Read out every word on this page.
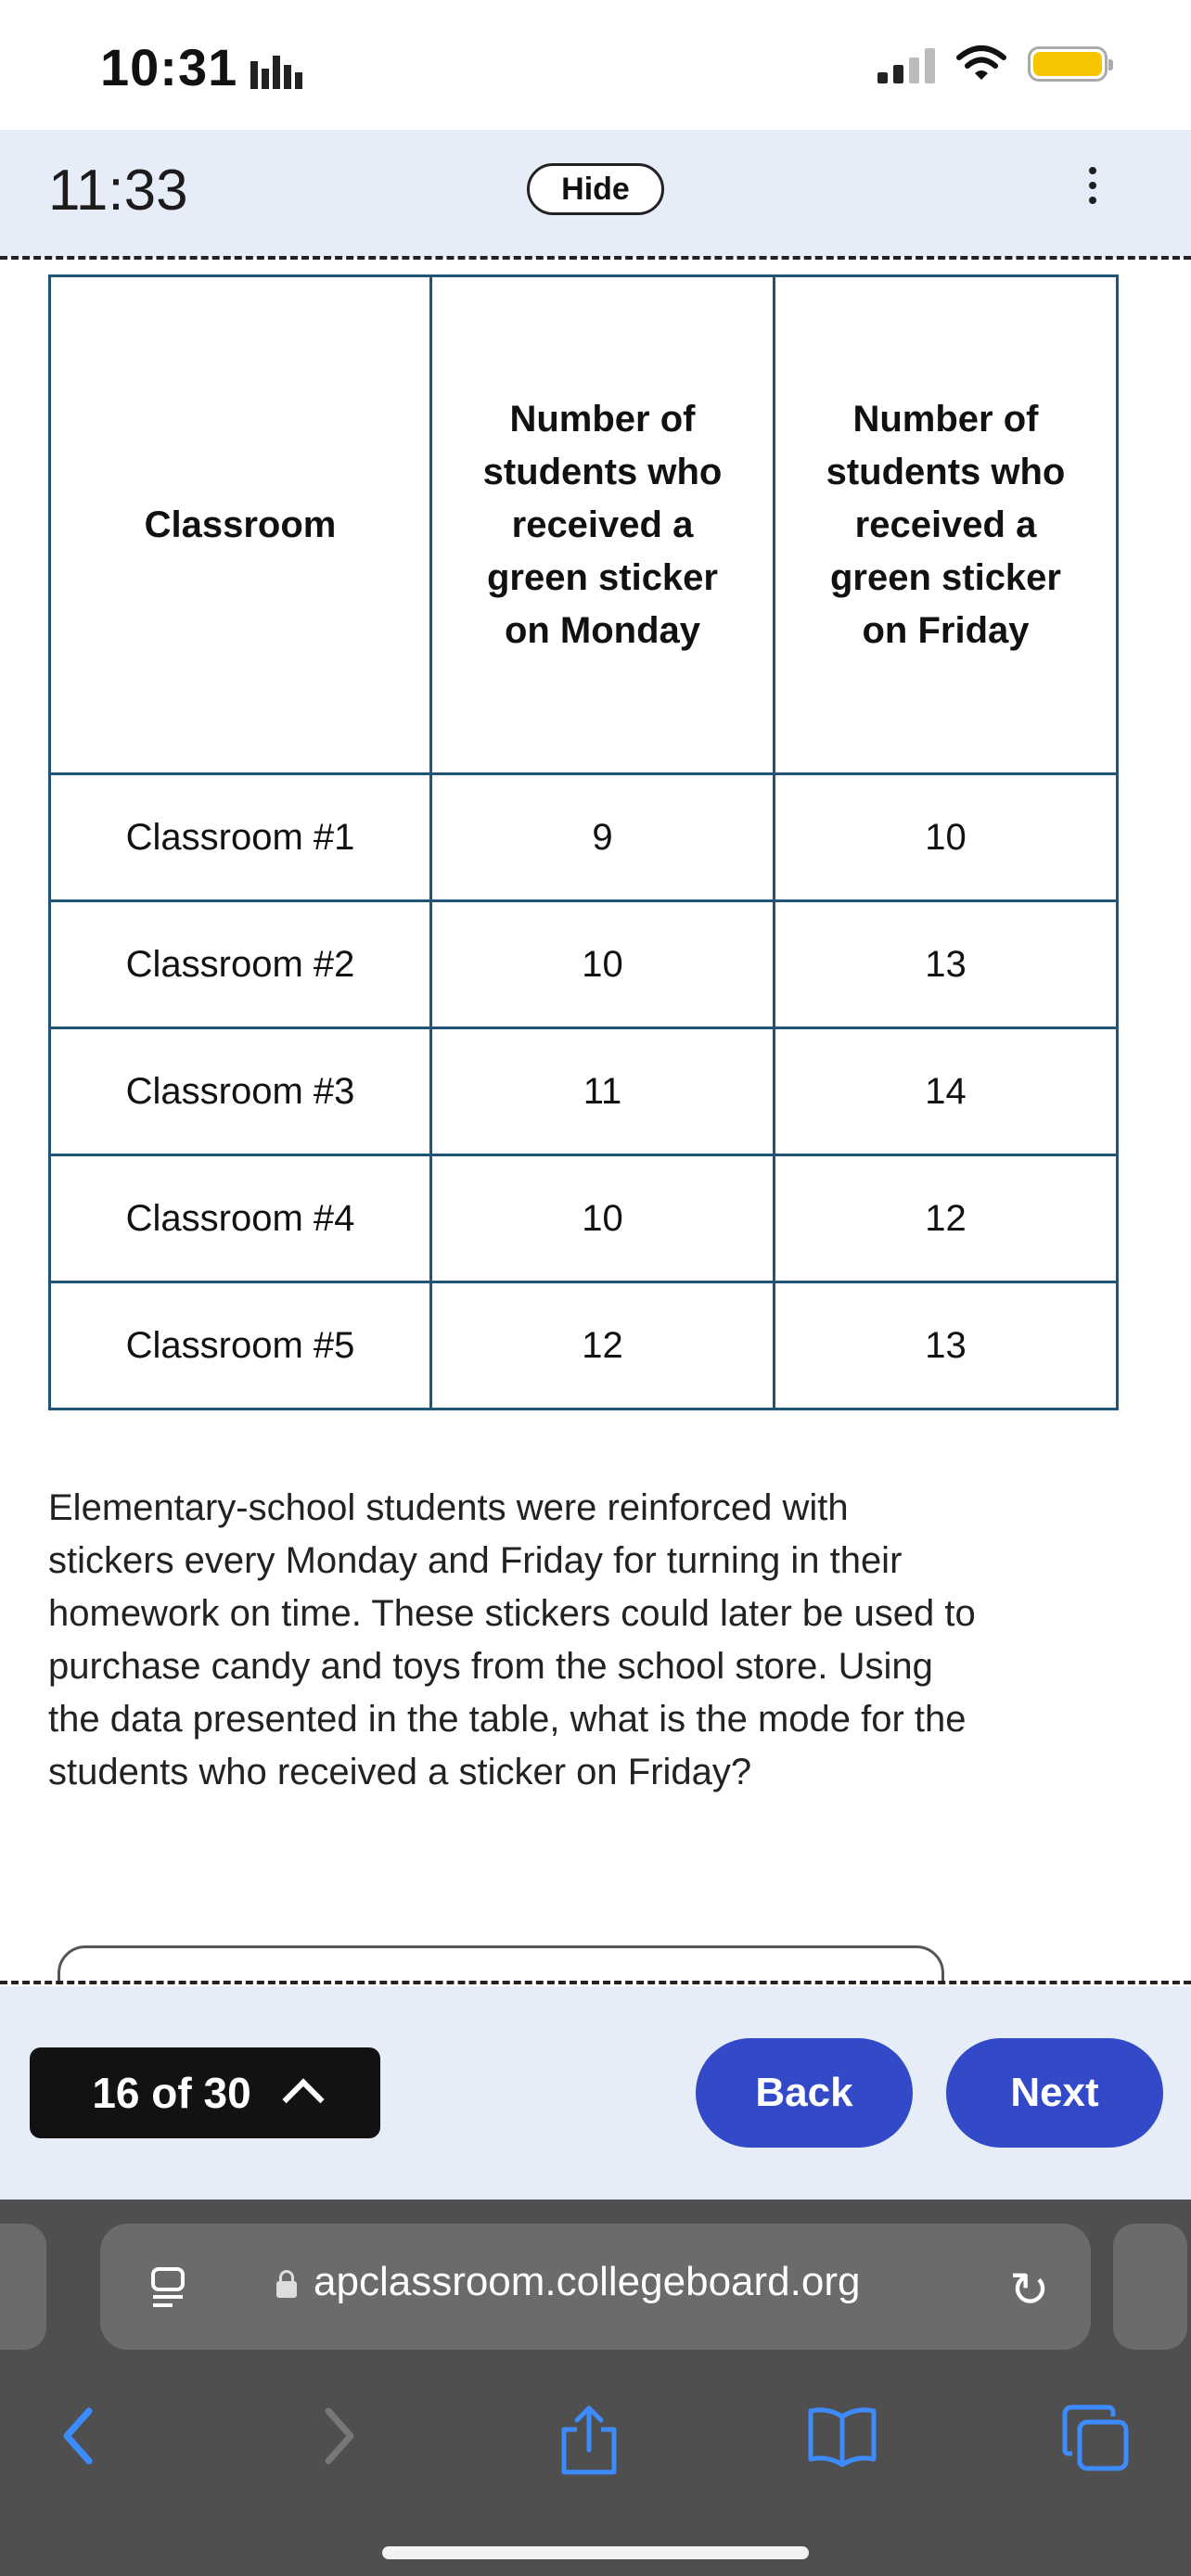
10:31
11:33	Hide
Classroom	Number of students who received a green sticker on Monday	Number of students who received a green sticker on Friday
Classroom #1	9	10
Classroom #2	10	13
Classroom #3	11	14
Classroom #4	10	12
Classroom #5	12	13
Elementary-school students were reinforced with stickers every Monday and Friday for turning in their homework on time. These stickers could later be used to purchase candy and toys from the school store. Using the data presented in the table, what is the mode for the students who received a sticker on Friday?
16 of 30	Back	Next
apclassroom.collegeboard.org	↻
